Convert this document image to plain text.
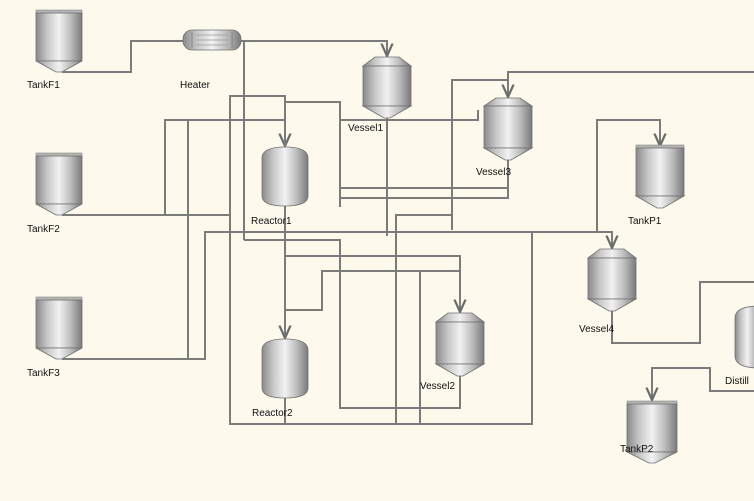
TankF1
TankF2
TankF3
Heater
Vessel1
Vessel2
Vessel3
Vessel4
Reactor1
Reactor2
TankP1
TankP2
Distill
